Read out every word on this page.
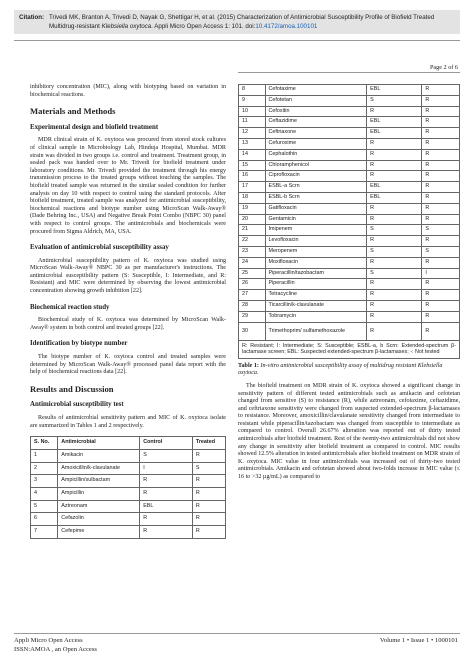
Citation: Trivedi MK, Branton A, Trivedi D, Nayak G, Shettigar H, et al. (2015) Characterization of Antimicrobial Susceptibility Profile of Biofield Treated Multidrug-resistant Klebsiella oxytoca. Appli Micro Open Access 1: 101. doi:10.4172/amoa.100101
Page 2 of 6

inhibitory concentration (MIC), along with biotyping based on variation in biochemical reactions.

Materials and Methods
Experimental design and biofield treatment

MDR clinical strain of K. oxytoca was procured from stored stock cultures of clinical sample in Microbiology Lab, Hinduja Hospital, Mumbai. MDR strain was divided in two groups i.e. control and treatment. Treatment group, in sealed pack was handed over to Mr. Trivedi for biofield treatment under laboratory conditions. Mr. Trivedi provided the treatment through his energy transmission process to the treated groups without touching the samples. The biofield treated sample was returned in the similar sealed condition for further analysis on day 10 with respect to control using the standard protocols. After biofield treatment, treated sample was analyzed for antimicrobial susceptibility, biochemical reactions and biotype number using MicroScan Walk-Away® (Dade Behring Inc., USA) and Negative Break Point Combo (NBPC 30) panel with respect to control groups. The antimicrobials and biochemicals were procured from Sigma Aldrich, MA, USA.

Evaluation of antimicrobial susceptibility assay

Antimicrobial susceptibility pattern of K. oxytoca was studied using MicroScan Walk-Away® NBPC 30 as per manufacturer's instructions. The antimicrobial susceptibility pattern (S: Susceptible, I: Intermediate, and R: Resistant) and MIC were determined by observing the lowest antimicrobial concentration showing growth inhibition [22].

Biochemical reaction study

Biochemical study of K. oxytoca was determined by MicroScan Walk-Away® system in both control and treated groups [22].

Identification by biotype number

The biotype number of K. oxytoca control and treated samples were determined by MicroScan Walk-Away® processed panel data report with the help of biochemical reactions data [22].

Results and Discussion
Antimicrobial susceptibility test

Results of antimicrobial sensitivity pattern and MIC of K. oxytoca isolate are summarized in Tables 1 and 2 respectively.

S. No.	Antimicrobial	Control	Treated
1	Amikacin	S	R
2	Amoxicillin/k-clavulanate	I	S
3	Ampicillin/sulbactam	R	R
4	Ampicillin	R	R
5	Aztreonam	EBL	R
6	Cefazolin	R	R
7	Cefepime	R	R
8	Cefotaxime	EBL	R
9	Cefotetan	S	R
10	Cefoxitin	R	R
11	Ceftazidime	EBL	R
12	Ceftriaxone	EBL	R
13	Cefuroxime	R	R
14	Cephalothin	R	R
15	Chloramphenicol	R	R
16	Ciprofloxacin	R	R
17	ESBL-a Scrn	EBL	R
18	ESBL-b Scrn	EBL	R
19	Gatifloxacin	R	R
20	Gentamicin	R	R
21	Imipenem	S	S
22	Levofloxacin	R	R
23	Meropenem	S	S
24	Moxifloxacin	R	R
25	Piperacillin/tazobactam	S	I
26	Piperacillin	R	R
27	Tetracycline	R	R
28	Ticarcillin/k-clavulanate	R	R
29	Tobramycin	R	R
30	Trimethoprim/ sulfamethoxazole	R	R
R: Resistant; I: Intermediate; S: Susceptible; ESBL-a, b Scrn: Extended-spectrum β-lactamase screen; EBL: Suspected extended-spectrum β-lactamases; -: Not tested			

Table 1: In-vitro antimicrobial susceptibility assay of multidrug resistant Klebsiella oxytoca.

The biofield treatment on MDR strain of K. oxytoca showed a significant change in sensitivity pattern of different tested antimicrobials such as amikacin and cefotetan changed from sensitive (S) to resistance (R), while aztreonam, cefotaxime, ceftazidime, and ceftriaxone sensitivity were changed from suspected extended-spectrum β-lactamases to resistance. Moreover, amoxicillin/clavulanate sensitivity changed from intermediate to resistant while piperacillin/tazobactam was changed from susceptible to intermediate as compared to control. Overall 26.67% alteration was reported out of thirty tested antimicrobials after biofield treatment. Rest of the twenty-two antimicrobials did not show any change in sensitivity after biofield treatment as compared to control. MIC results showed 12.5% alteration in tested antimicrobials after biofield treatment on MDR strain of K. oxytoca. MIC value in four antimicrobials was increased out of thirty-two tested antimicrobials. Amikacin and cefotetan showed about two-folds increase in MIC value (≤ 16 to >32 µg/mL) as compared to

Appli Micro Open Access
ISSN:AMOA , an Open Access
Volume 1 • Issue 1 • 1000101
